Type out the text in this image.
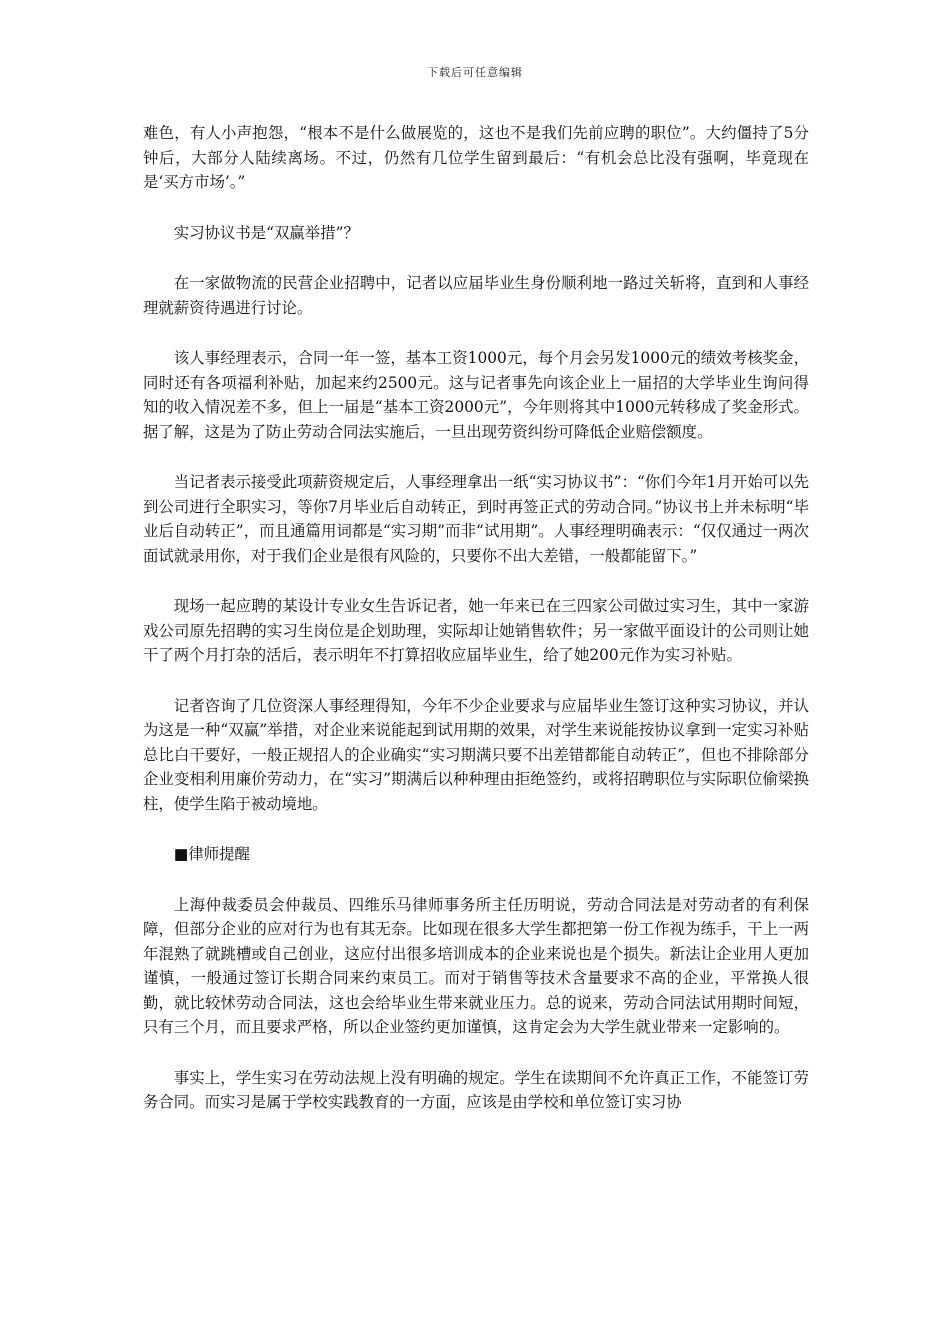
下载后可任意编辑

难色，有人小声抱怨，“根本不是什么做展览的，这也不是我们先前应聘的职位”。大约僵持了5分钟后，大部分人陆续离场。不过，仍然有几位学生留到最后：“有机会总比没有强啊，毕竟现在是‘买方市场’。”

实习协议书是“双赢举措”？

在一家做物流的民营企业招聘中，记者以应届毕业生身份顺利地一路过关斩将，直到和人事经理就薪资待遇进行讨论。

该人事经理表示，合同一年一签，基本工资1000元，每个月会另发1000元的绩效考核奖金，同时还有各项福利补贴，加起来约2500元。这与记者事先向该企业上一届招的大学毕业生询问得知的收入情况差不多，但上一届是“基本工资2000元”，今年则将其中1000元转移成了奖金形式。据了解，这是为了防止劳动合同法实施后，一旦出现劳资纠纷可降低企业赔偿额度。

当记者表示接受此项薪资规定后，人事经理拿出一纸“实习协议书”：“你们今年1月开始可以先到公司进行全职实习，等你7月毕业后自动转正，到时再签正式的劳动合同。”协议书上并未标明“毕业后自动转正”，而且通篇用词都是“实习期”而非“试用期”。人事经理明确表示：“仅仅通过一两次面试就录用你，对于我们企业是很有风险的，只要你不出大差错，一般都能留下。”

现场一起应聘的某设计专业女生告诉记者，她一年来已在三四家公司做过实习生，其中一家游戏公司原先招聘的实习生岗位是企划助理，实际却让她销售软件；另一家做平面设计的公司则让她干了两个月打杂的活后，表示明年不打算招收应届毕业生，给了她200元作为实习补贴。

记者咨询了几位资深人事经理得知，今年不少企业要求与应届毕业生签订这种实习协议，并认为这是一种“双赢”举措，对企业来说能起到试用期的效果，对学生来说能按协议拿到一定实习补贴总比白干要好，一般正规招人的企业确实“实习期满只要不出差错都能自动转正”，但也不排除部分企业变相利用廉价劳动力，在“实习”期满后以种种理由拒绝签约，或将招聘职位与实际职位偷梁换柱，使学生陷于被动境地。

■律师提醒

上海仲裁委员会仲裁员、四维乐马律师事务所主任历明说，劳动合同法是对劳动者的有利保障，但部分企业的应对行为也有其无奈。比如现在很多大学生都把第一份工作视为练手，干上一两年混熟了就跳槽或自己创业，这应付出很多培训成本的企业来说也是个损失。新法让企业用人更加谨慎，一般通过签订长期合同来约束员工。而对于销售等技术含量要求不高的企业，平常换人很勤，就比较怵劳动合同法，这也会给毕业生带来就业压力。总的说来，劳动合同法试用期时间短，只有三个月，而且要求严格，所以企业签约更加谨慎，这肯定会为大学生就业带来一定影响的。

事实上，学生实习在劳动法规上没有明确的规定。学生在读期间不允许真正工作，不能签订劳务合同。而实习是属于学校实践教育的一方面，应该是由学校和单位签订实习协
